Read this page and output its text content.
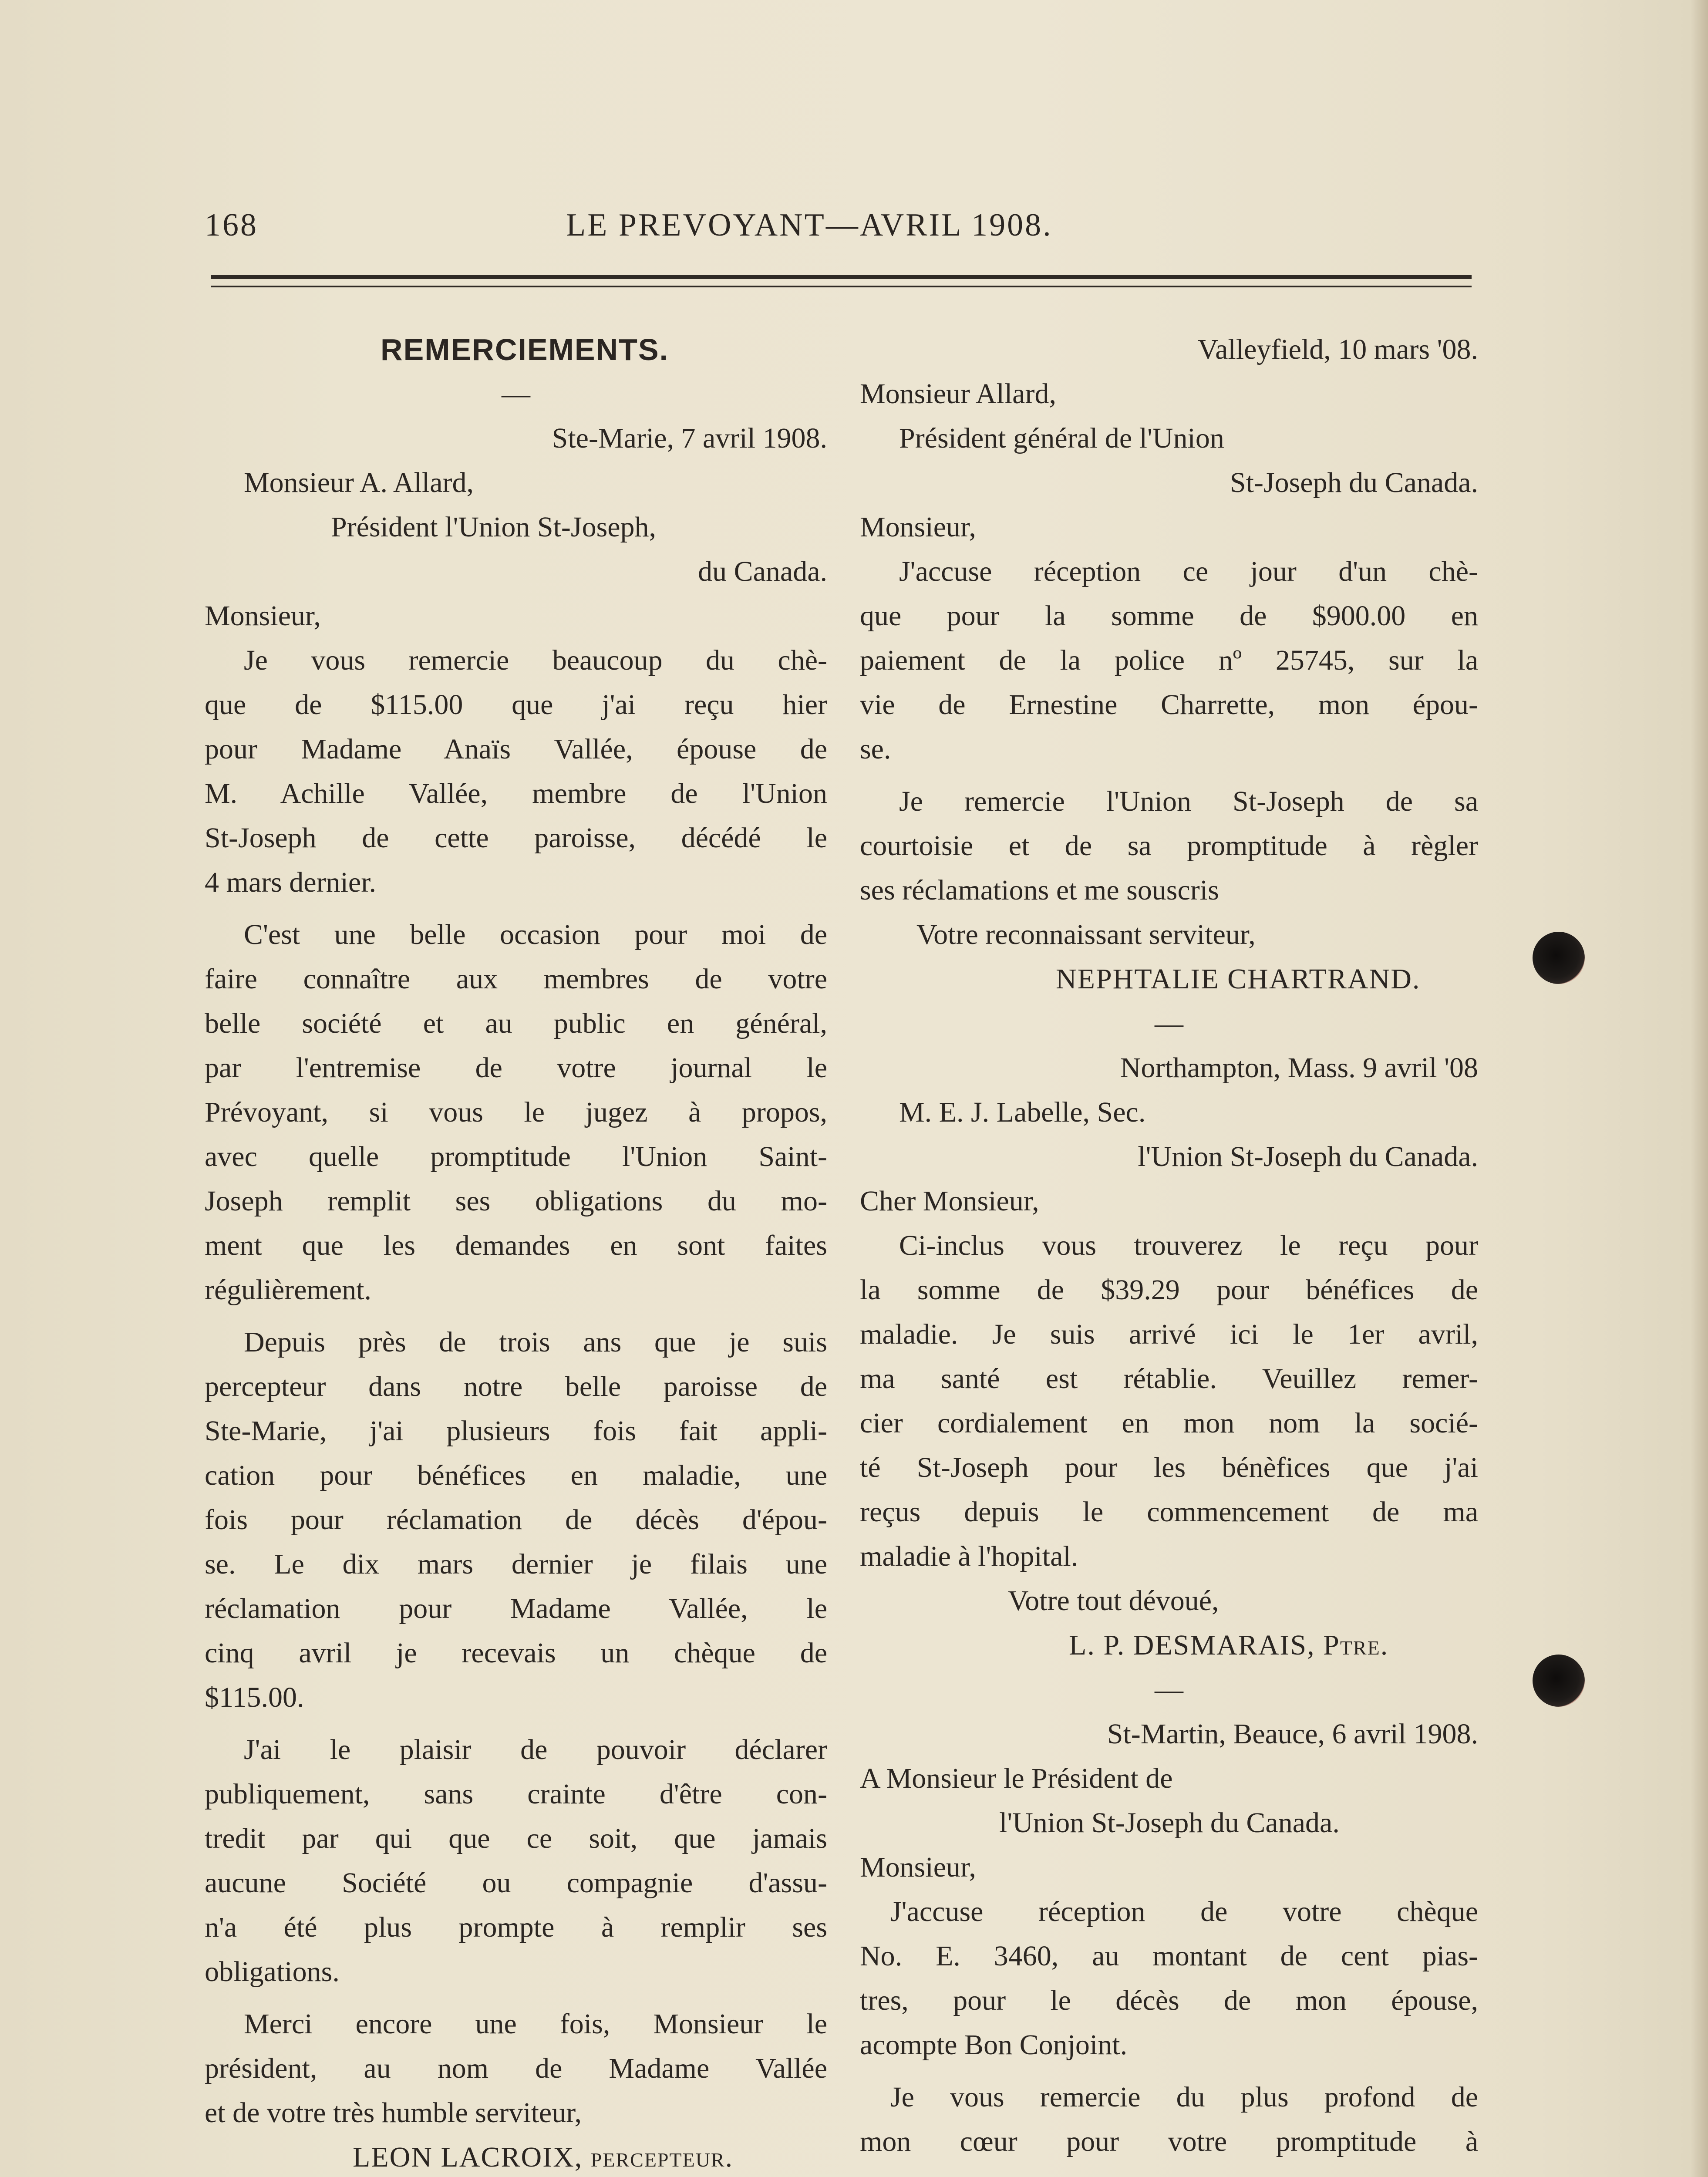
168	LE PREVOYANT—AVRIL 1908.
REMERCIEMENTS.
—
Ste-Marie, 7 avril 1908.
Monsieur A. Allard,
Président l'Union St-Joseph,
du Canada.
Monsieur,
Je vous remercie beaucoup du chè-
que de $115.00 que j'ai reçu hier
pour Madame Anaïs Vallée, épouse de
M. Achille Vallée, membre de l'Union
St-Joseph de cette paroisse, décédé le
4 mars dernier.
C'est une belle occasion pour moi de
faire connaître aux membres de votre
belle société et au public en général,
par l'entremise de votre journal le
Prévoyant, si vous le jugez à propos,
avec quelle promptitude l'Union Saint-
Joseph remplit ses obligations du mo-
ment que les demandes en sont faites
régulièrement.
Depuis près de trois ans que je suis
percepteur dans notre belle paroisse de
Ste-Marie, j'ai plusieurs fois fait appli-
cation pour bénéfices en maladie, une
fois pour réclamation de décès d'épou-
se. Le dix mars dernier je filais une
réclamation pour Madame Vallée, le
cinq avril je recevais un chèque de
$115.00.
J'ai le plaisir de pouvoir déclarer
publiquement, sans crainte d'être con-
tredit par qui que ce soit, que jamais
aucune Société ou compagnie d'assu-
n'a été plus prompte à remplir ses
obligations.
Merci encore une fois, Monsieur le
président, au nom de Madame Vallée
et de votre très humble serviteur,
LEON LACROIX, percepteur.
Valleyfield, 10 mars '08.
Monsieur Allard,
Président général de l'Union
St-Joseph du Canada.
Monsieur,
J'accuse réception ce jour d'un chè-
que pour la somme de $900.00 en
paiement de la police nº 25745, sur la
vie de Ernestine Charrette, mon épou-
se.
Je remercie l'Union St-Joseph de sa
courtoisie et de sa promptitude à règler
ses réclamations et me souscris
Votre reconnaissant serviteur,
NEPHTALIE CHARTRAND.
—
Northampton, Mass. 9 avril '08
M. E. J. Labelle, Sec.
l'Union St-Joseph du Canada.
Cher Monsieur,
Ci-inclus vous trouverez le reçu pour
la somme de $39.29 pour bénéfices de
maladie. Je suis arrivé ici le 1er avril,
ma santé est rétablie. Veuillez remer-
cier cordialement en mon nom la socié-
té St-Joseph pour les bénèfices que j'ai
reçus depuis le commencement de ma
maladie à l'hopital.
Votre tout dévoué,
L. P. DESMARAIS, Ptre.
—
St-Martin, Beauce, 6 avril 1908.
A Monsieur le Président de
l'Union St-Joseph du Canada.
Monsieur,
J'accuse réception de votre chèque
No. E. 3460, au montant de cent pias-
tres, pour le décès de mon épouse,
acompte Bon Conjoint.
Je vous remercie du plus profond de
mon cœur pour votre promptitude à
